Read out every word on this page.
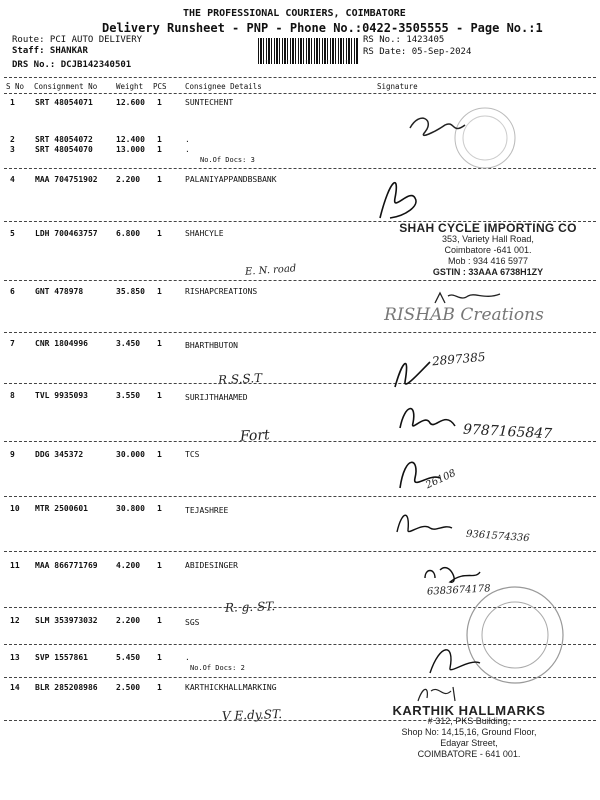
THE PROFESSIONAL COURIERS, COIMBATORE
Delivery Runsheet - PNP - Phone No.:0422-3505555 - Page No.:1
Route: PCI AUTO DELIVERY
Staff: SHANKAR
DRS No.: DCJB142340501
RS No.: 1423405
RS Date: 05-Sep-2024
S No Consignment No	Weight PCS Consignee Details	Signature
1	SRT 48054071	12.600 1	SUNTECHENT
2	SRT 48054072	12.400 1	.
3	SRT 48054070	13.000 1	.
No.Of Docs: 3
4	MAA 704751902 2.200 1	PALANIYAPPANDBSBANK
5	LDH 700463757 6.800 1	SHAHCYLE
E. N. road
6	GNT 478978	35.850 1	RISHAPCREATIONS
7	CNR 1804996	3.450 1	BHARTHBUTON
R.S.S.T
8	TVL 9935093	3.550 1	SURIJTHAHAMED
Fort
9	DDG 345372	30.000 1	TCS
10 MTR 2500601	30.800 1	TEJASHREE
11 MAA 866771769 4.200 1	ABIDESINGER
R. g. ST.
12 SLM 353973032 2.200 1	SGS
13 SVP 1557861	5.450 1	.
No.Of Docs: 2
14 BLR 285208986 2.500 1	KARTHICKHALLMARKING
V E.dy.ST.
SHAH CYCLE IMPORTING CO
353, Variety Hall Road,
Coimbatore -641 001.
Mob : 934 416 5977
GSTIN : 33AAA 6738H1ZY
RISHAB Creations
2897385
9787165847
26108
9361574336
6383674178
KARTHIK HALLMARKS
# 312, PKS Building,
Shop No: 14,15,16, Ground Floor,
Edayar Street,
COIMBATORE - 641 001.
